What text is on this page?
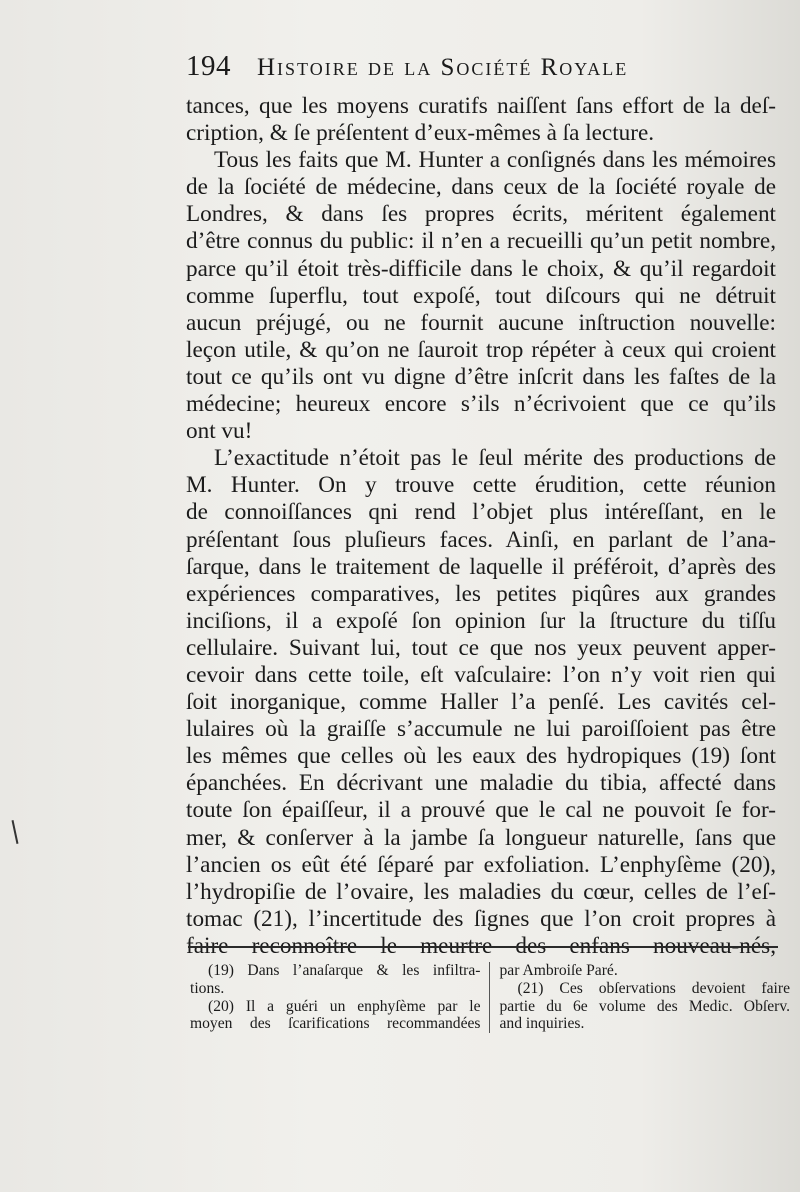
194 Histoire de la Société Royale
tances, que les moyens curatifs naiſſent ſans effort de la deſ-
cription, & ſe préſentent d’eux-mêmes à ſa lecture.
Tous les faits que M. Hunter a conſignés dans les mémoires
de la ſociété de médecine, dans ceux de la ſociété royale de
Londres, & dans ſes propres écrits, méritent également
d’être connus du public: il n’en a recueilli qu’un petit nombre,
parce qu’il étoit très-difficile dans le choix, & qu’il regardoit
comme ſuperflu, tout expoſé, tout diſcours qui ne détruit
aucun préjugé, ou ne fournit aucune inſtruction nouvelle:
leçon utile, & qu’on ne ſauroit trop répéter à ceux qui croient
tout ce qu’ils ont vu digne d’être inſcrit dans les faſtes de la
médecine; heureux encore s’ils n’écrivoient que ce qu’ils
ont vu!
L’exactitude n’étoit pas le ſeul mérite des productions de
M. Hunter. On y trouve cette érudition, cette réunion
de connoiſſances qni rend l’objet plus intéreſſant, en le
préſentant ſous pluſieurs faces. Ainſi, en parlant de l’ana-
ſarque, dans le traitement de laquelle il préféroit, d’après des
expériences comparatives, les petites piqûres aux grandes
inciſions, il a expoſé ſon opinion ſur la ſtructure du tiſſu
cellulaire. Suivant lui, tout ce que nos yeux peuvent apper-
cevoir dans cette toile, eſt vaſculaire: l’on n’y voit rien qui
ſoit inorganique, comme Haller l’a penſé. Les cavités cel-
lulaires où la graiſſe s’accumule ne lui paroiſſoient pas être
les mêmes que celles où les eaux des hydropiques (19) ſont
épanchées. En décrivant une maladie du tibia, affecté dans
toute ſon épaiſſeur, il a prouvé que le cal ne pouvoit ſe for-
mer, & conſerver à la jambe ſa longueur naturelle, ſans que
l’ancien os eût été ſéparé par exfoliation. L’enphyſème (20),
l’hydropiſie de l’ovaire, les maladies du cœur, celles de l’eſ-
tomac (21), l’incertitude des ſignes que l’on croit propres à
faire reconnoître le meurtre des enfans nouveau-nés,
(19) Dans l’anaſarque & les infiltra-
tions.
(20) Il a guéri un enphyſème par le
moyen des ſcarifications recommandées
par Ambroiſe Paré.
(21) Ces obſervations devoient faire
partie du 6e volume des Medic. Obſerv.
and inquiries.
